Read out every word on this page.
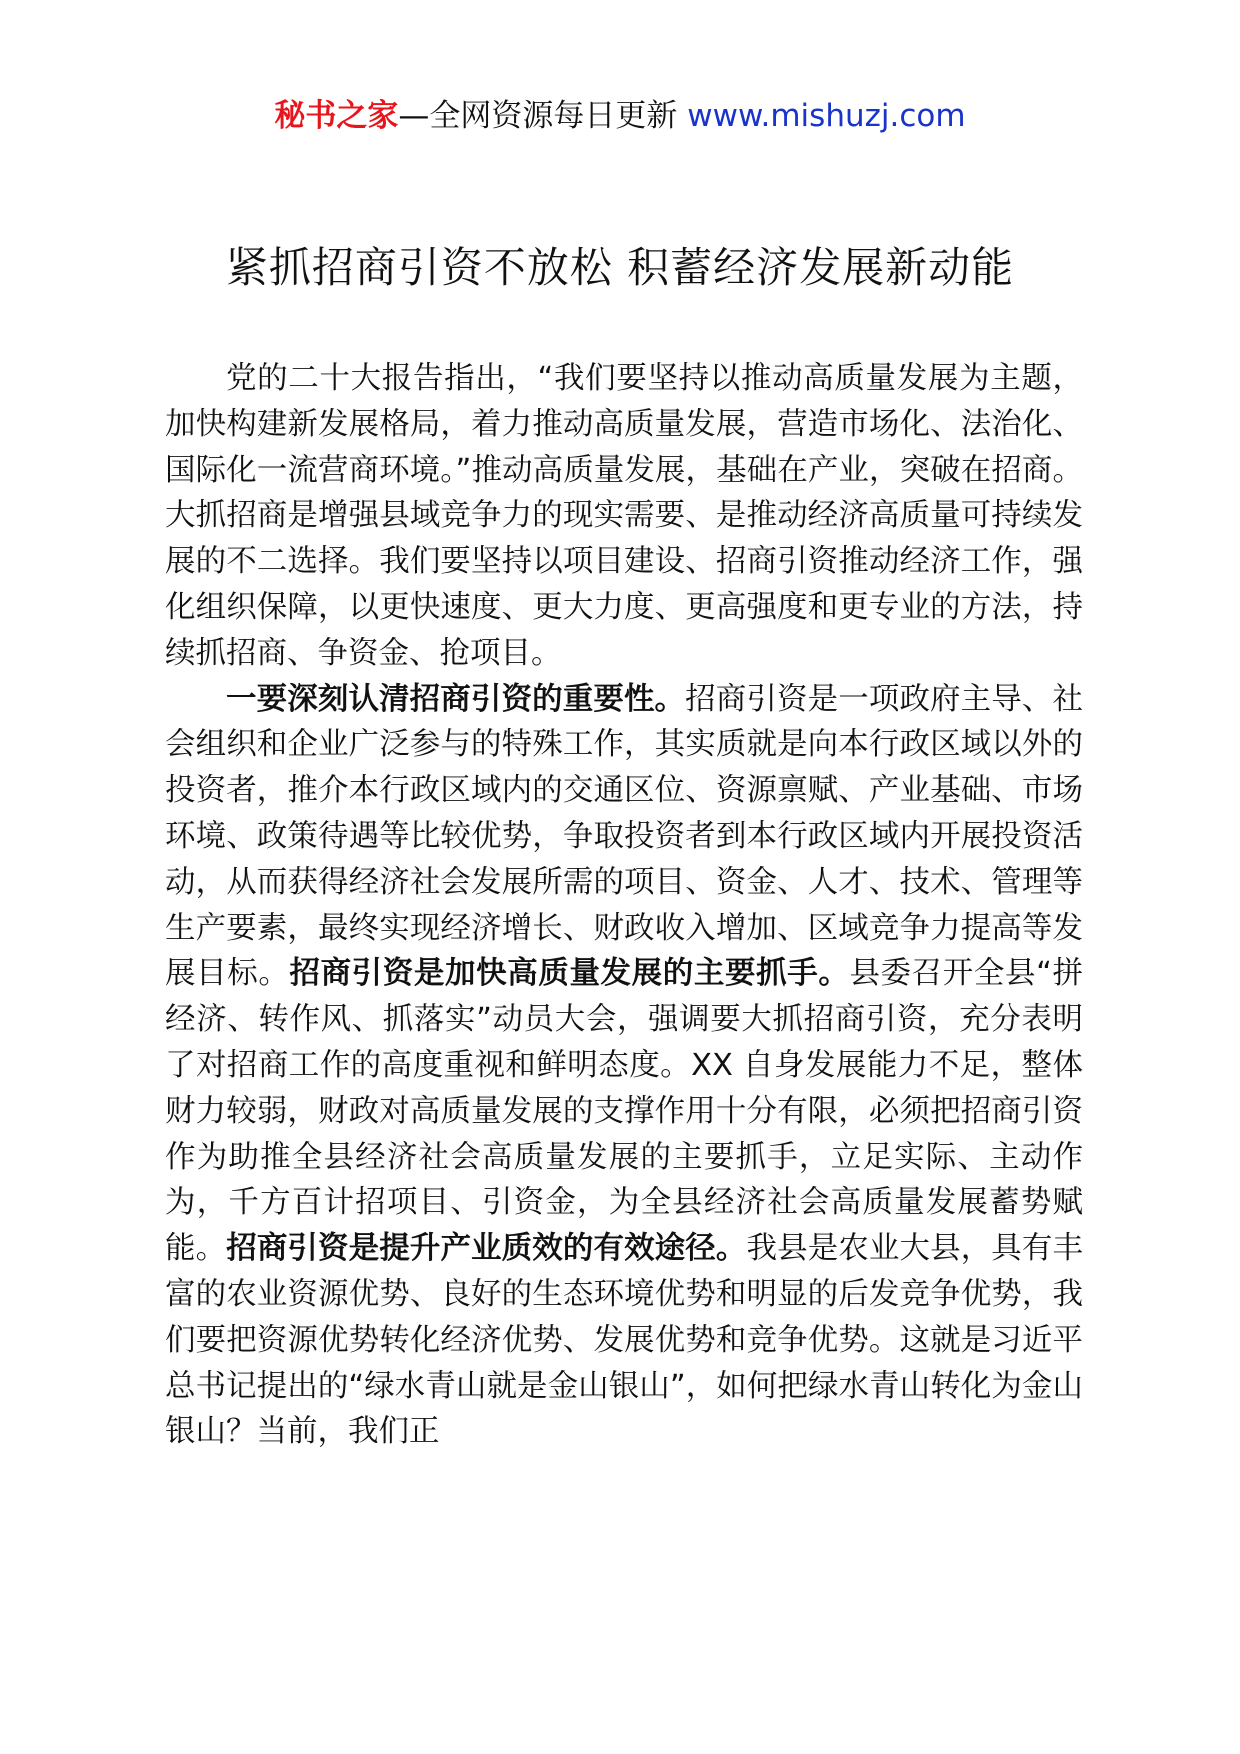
秘书之家—全网资源每日更新 www.mishuzj.com
紧抓招商引资不放松 积蓄经济发展新动能

党的二十大报告指出，“我们要坚持以推动高质量发展为主题，加快构建新发展格局，着力推动高质量发展，营造市场化、法治化、国际化一流营商环境。”推动高质量发展，基础在产业，突破在招商。大抓招商是增强县域竞争力的现实需要、是推动经济高质量可持续发展的不二选择。我们要坚持以项目建设、招商引资推动经济工作，强化组织保障，以更快速度、更大力度、更高强度和更专业的方法，持续抓招商、争资金、抢项目。

一要深刻认清招商引资的重要性。招商引资是一项政府主导、社会组织和企业广泛参与的特殊工作，其实质就是向本行政区域以外的投资者，推介本行政区域内的交通区位、资源禀赋、产业基础、市场环境、政策待遇等比较优势，争取投资者到本行政区域内开展投资活动，从而获得经济社会发展所需的项目、资金、人才、技术、管理等生产要素，最终实现经济增长、财政收入增加、区域竞争力提高等发展目标。招商引资是加快高质量发展的主要抓手。县委召开全县“拼经济、转作风、抓落实”动员大会，强调要大抓招商引资，充分表明了对招商工作的高度重视和鲜明态度。XX 自身发展能力不足，整体财力较弱，财政对高质量发展的支撑作用十分有限，必须把招商引资作为助推全县经济社会高质量发展的主要抓手，立足实际、主动作为，千方百计招项目、引资金，为全县经济社会高质量发展蓄势赋能。招商引资是提升产业质效的有效途径。我县是农业大县，具有丰富的农业资源优势、良好的生态环境优势和明显的后发竞争优势，我们要把资源优势转化经济优势、发展优势和竞争优势。这就是习近平总书记提出的“绿水青山就是金山银山”，如何把绿水青山转化为金山银山？当前，我们正
